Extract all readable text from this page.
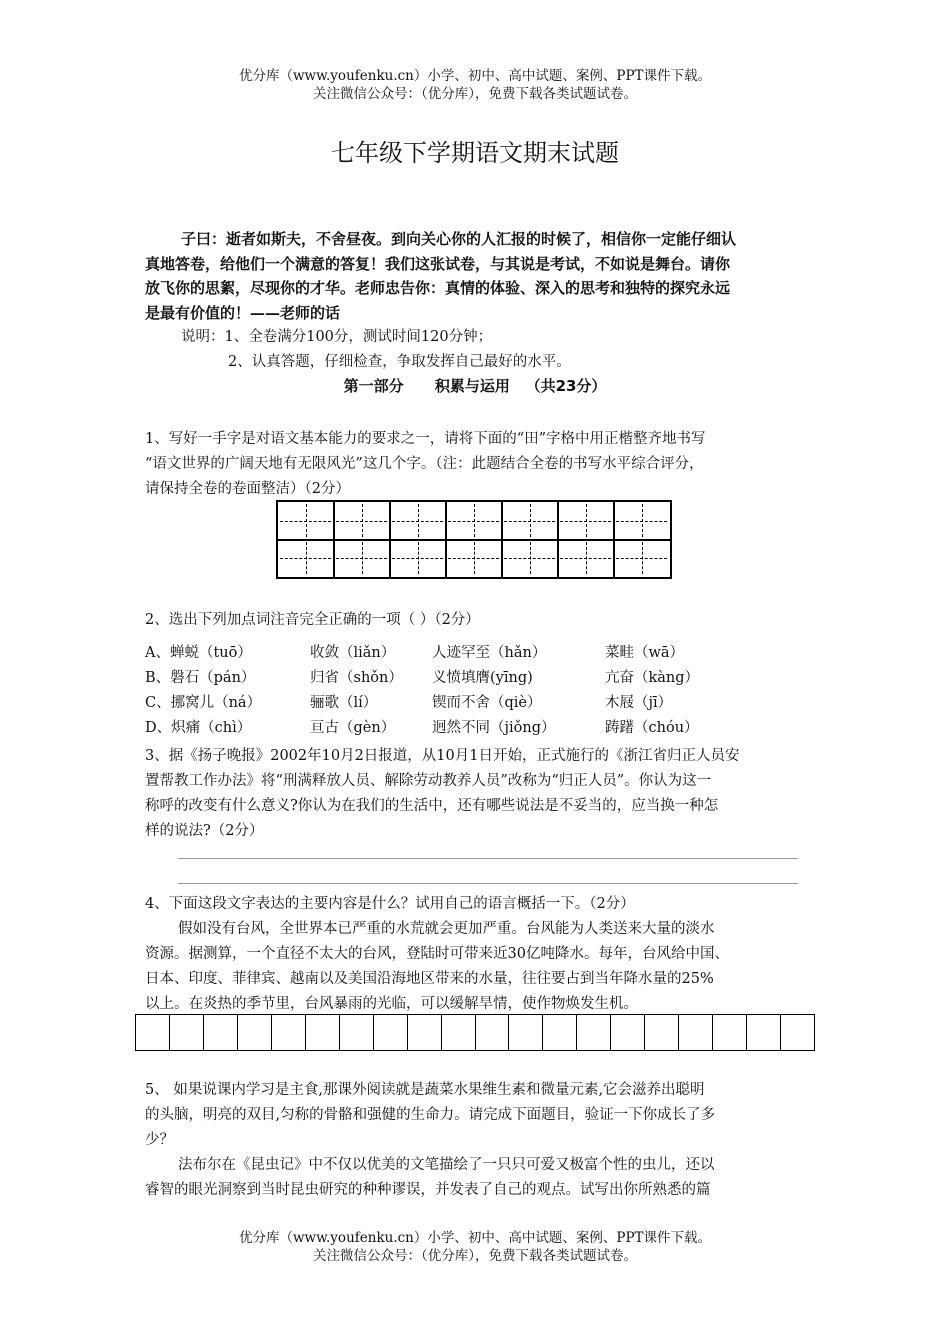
优分库（www.youfenku.cn）小学、初中、高中试题、案例、PPT课件下载。
关注微信公众号：（优分库），免费下载各类试题试卷。
七年级下学期语文期末试题
子曰：逝者如斯夫，不舍昼夜。到向关心你的人汇报的时候了，相信你一定能仔细认
真地答卷，给他们一个满意的答复！我们这张试卷，与其说是考试，不如说是舞台。请你
放飞你的思絮，尽现你的才华。老师忠告你：真情的体验、深入的思考和独特的探究永远
是最有价值的！——老师的话
说明：1、全卷满分100分，测试时间120分钟；
2、认真答题，仔细检查，争取发挥自己最好的水平。
第一部分      积累与运用   （共23分）
1、写好一手字是对语文基本能力的要求之一，请将下面的“田”字格中用正楷整齐地书写
“语文世界的广阔天地有无限风光”这几个字。（注：此题结合全卷的书写水平综合评分，
请保持全卷的卷面整洁）（2分）
2、选出下列加点词注音完全正确的一项（ ）（2分）
A、蝉蜕（tuō）	收敛（liǎn）	人迹罕至（hǎn）	菜畦（wā）
B、磐石（pán）	归省（shǒn） 义愤填膺(yīng)	亢奋（kàng）
C、挪窝儿（ná）	骊歌（lí）	锲而不舍（qiè）	木屐（jī）
D、炽痛（chì）	亘古（gèn）	迥然不同（jiǒng）	踌躇（chóu）
3、据《扬子晚报》2002年10月2日报道，从10月1日开始，正式施行的《浙江省归正人员安
置帮教工作办法》将“刑满释放人员、解除劳动教养人员”改称为“归正人员”。你认为这一
称呼的改变有什么意义?你认为在我们的生活中，还有哪些说法是不妥当的，应当换一种怎
样的说法?（2分）
4、下面这段文字表达的主要内容是什么？试用自己的语言概括一下。（2分）
假如没有台风，全世界本已严重的水荒就会更加严重。台风能为人类送来大量的淡水
资源。据测算，一个直径不太大的台风，登陆时可带来近30亿吨降水。每年，台风给中国、
日本、印度、菲律宾、越南以及美国沿海地区带来的水量，往往要占到当年降水量的25%
以上。在炎热的季节里，台风暴雨的光临，可以缓解旱情，使作物焕发生机。
5、 如果说课内学习是主食,那课外阅读就是蔬菜水果维生素和微量元素,它会滋养出聪明
的头脑，明亮的双目,匀称的骨骼和强健的生命力。请完成下面题目，验证一下你成长了多
少？
法布尔在《昆虫记》中不仅以优美的文笔描绘了一只只可爱又极富个性的虫儿，还以
睿智的眼光洞察到当时昆虫研究的种种谬误，并发表了自己的观点。试写出你所熟悉的篇
优分库（www.youfenku.cn）小学、初中、高中试题、案例、PPT课件下载。
关注微信公众号：（优分库），免费下载各类试题试卷。
